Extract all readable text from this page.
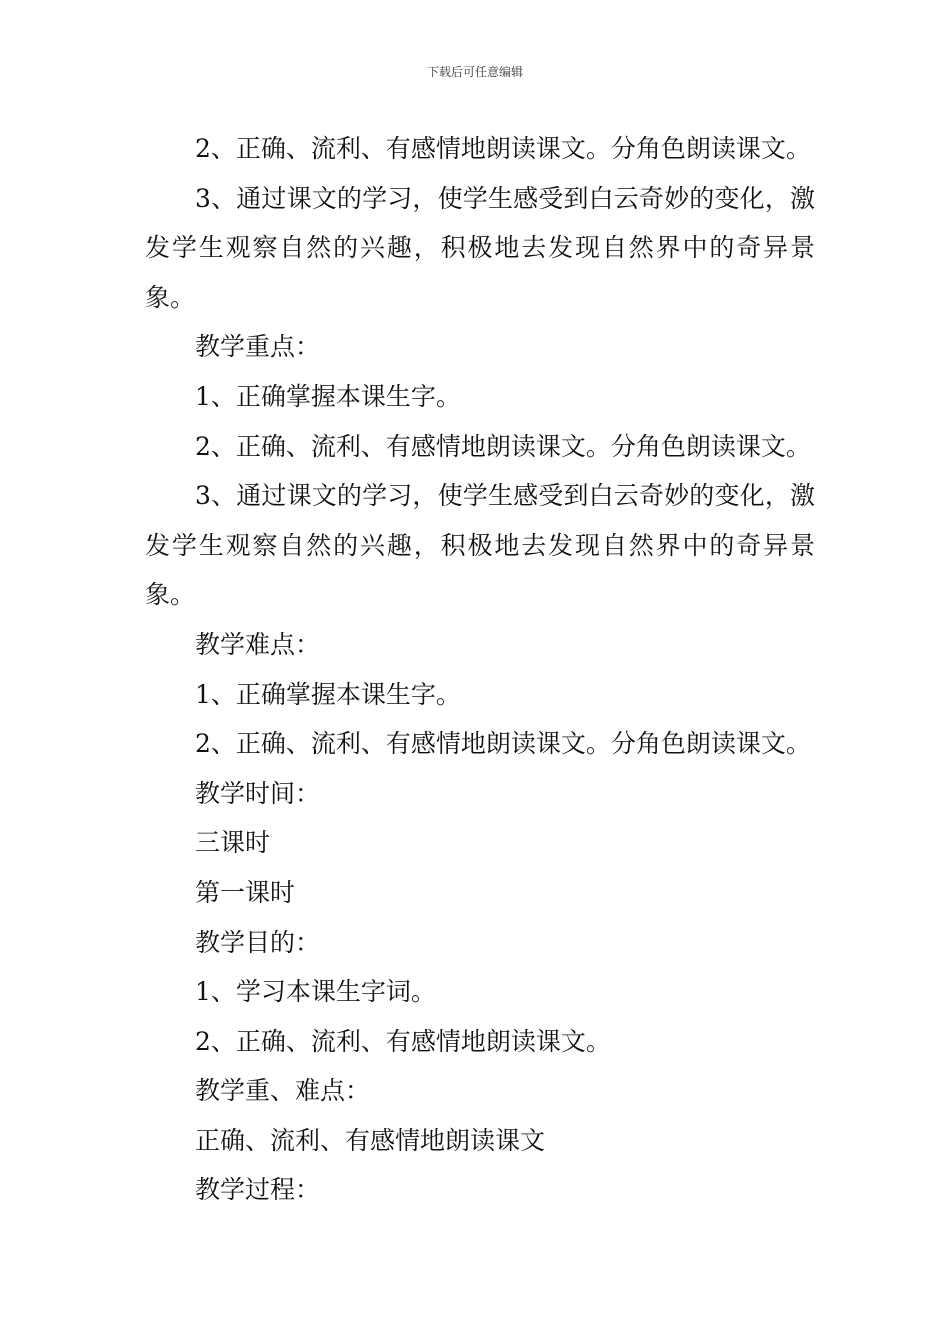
下载后可任意编辑

2、正确、流利、有感情地朗读课文。分角色朗读课文。

3、通过课文的学习，使学生感受到白云奇妙的变化，激发学生观察自然的兴趣，积极地去发现自然界中的奇异景象。

教学重点：

1、正确掌握本课生字。

2、正确、流利、有感情地朗读课文。分角色朗读课文。

3、通过课文的学习，使学生感受到白云奇妙的变化，激发学生观察自然的兴趣，积极地去发现自然界中的奇异景象。

教学难点：

1、正确掌握本课生字。

2、正确、流利、有感情地朗读课文。分角色朗读课文。

教学时间：

三课时

第一课时

教学目的：

1、学习本课生字词。

2、正确、流利、有感情地朗读课文。

教学重、难点：

正确、流利、有感情地朗读课文

教学过程：
